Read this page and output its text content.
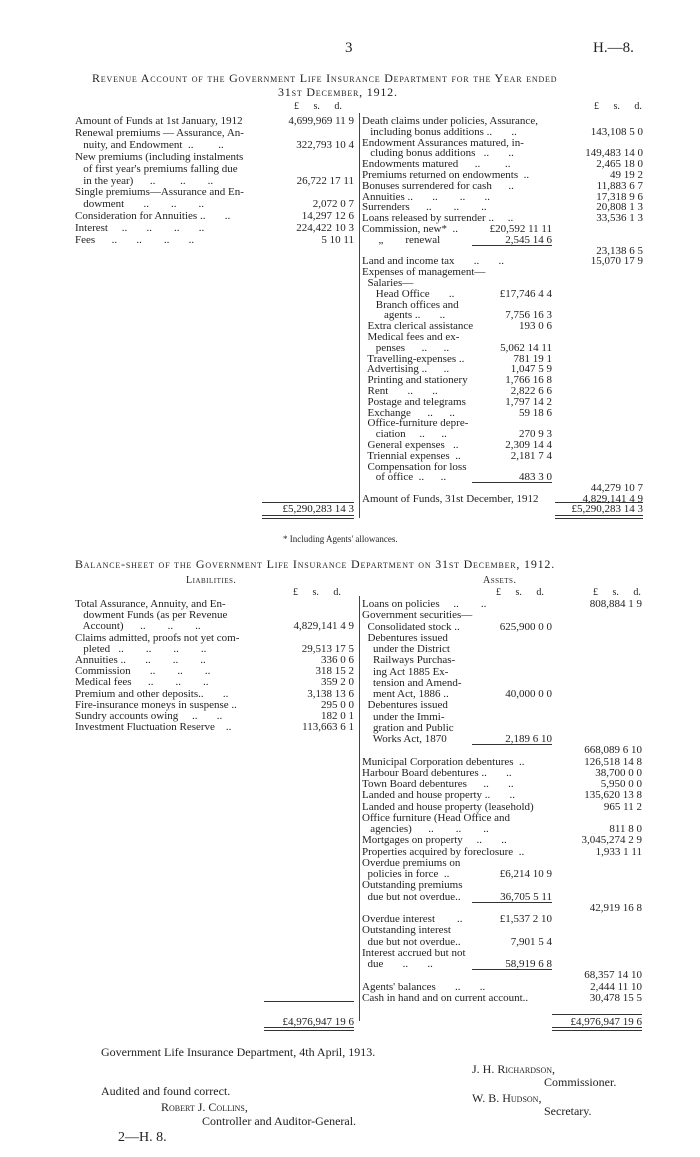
3	H.—8.
Revenue Account of the Government Life Insurance Department for the Year ended
31st December, 1912.
£ s. d.	£ s. d.
Amount of Funds at 1st January, 1912	4,699,969 11 9
Renewal premiums — Assurance, An-
nuity, and Endowment  ..         ..	322,793 10 4
New premiums (including instalments
of first year's premiums falling due
in the year)      ..         ..        ..	26,722 17 11
Single premiums—Assurance and En-
dowment       ..        ..        ..	2,072 0 7
Consideration for Annuities ..       ..	14,297 12 6
Interest     ..       ..        ..       ..	224,422 10 3
Fees      ..       ..        ..       ..	5 10 11
Death claims under policies, Assurance,
including bonus additions ..       ..	143,108 5 0
Endowment Assurances matured, in-
cluding bonus additions   ..       ..	149,483 14 0
Endowments matured      ..         ..	2,465 18 0
Premiums returned on endowments  ..	49 19 2
Bonuses surrendered for cash      ..	11,883 6 7
Annuities ..       ..        ..       ..	17,318 9 6
Surrenders      ..        ..        ..	20,808 1 3
Loans released by surrender ..     ..	33,536 1 3
Commission, new*  ..	£20,592 11 11
„        renewal	2,545 14 6
23,138 6 5
Land and income tax       ..       ..	15,070 17 9
Expenses of management—
Salaries—
Head Office       ..	£17,746 4 4
Branch offices and
agents ..       ..	7,756 16 3
Extra clerical assistance	193 0 6
Medical fees and ex-
penses      ..      ..	5,062 14 11
Travelling-expenses ..	781 19 1
Advertising ..      ..	1,047 5 9
Printing and stationery	1,766 16 8
Rent       ..       ..	2,822 6 6
Postage and telegrams	1,797 14 2
Exchange      ..      ..	59 18 6
Office-furniture depre-
ciation     ..      ..	270 9 3
General expenses   ..	2,309 14 4
Triennial expenses  ..	2,181 7 4
Compensation for loss
of office  ..      ..	483 3 0
44,279 10 7
Amount of Funds, 31st December, 1912	4,829,141 4 9
£5,290,283 14 3	£5,290,283 14 3
* Including Agents' allowances.
Balance-sheet of the Government Life Insurance Department on 31st December, 1912.
Liabilities.	Assets.
£ s. d.	£ s. d.	£ s. d.
Total Assurance, Annuity, and En-
dowment Funds (as per Revenue
Account)      ..        ..        ..	4,829,141 4 9
Claims admitted, proofs not yet com-
pleted   ..        ..        ..        ..	29,513 17 5
Annuities ..       ..        ..        ..	336 0 6
Commission       ..        ..        ..	318 15 2
Medical fees      ..        ..        ..	359 2 0
Premium and other deposits..       ..	3,138 13 6
Fire-insurance moneys in suspense ..	295 0 0
Sundry accounts owing     ..       ..	182 0 1
Investment Fluctuation Reserve    ..	113,663 6 1
Loans on policies     ..        ..	808,884 1 9
Government securities—
Consolidated stock ..	625,900 0 0
Debentures issued
under the District
Railways Purchas-
ing Act 1885 Ex-
tension and Amend-
ment Act, 1886 ..	40,000 0 0
Debentures issued
under the Immi-
gration and Public
Works Act, 1870	2,189 6 10
668,089 6 10
Municipal Corporation debentures  ..	126,518 14 8
Harbour Board debentures ..       ..	38,700 0 0
Town Board debentures      ..       ..	5,950 0 0
Landed and house property ..       ..	135,620 13 8
Landed and house property (leasehold)	965 11 2
Office furniture (Head Office and
agencies)      ..        ..        ..	811 8 0
Mortgages on property     ..       ..	3,045,274 2 9
Properties acquired by foreclosure  ..	1,933 1 11
Overdue premiums on
policies in force  ..	£6,214 10 9
Outstanding premiums
due but not overdue..	36,705 5 11
42,919 16 8
Overdue interest        ..	£1,537 2 10
Outstanding interest
due but not overdue..	7,901 5 4
Interest accrued but not
due       ..       ..	58,919 6 8
68,357 14 10
Agents' balances       ..       ..	2,444 11 10
Cash in hand and on current account..	30,478 15 5
£4,976,947 19 6	£4,976,947 19 6
Government Life Insurance Department, 4th April, 1913.
J. H. Richardson,
Commissioner.
W. B. Hudson,
Secretary.
Audited and found correct.
Robert J. Collins,
Controller and Auditor-General.
2—H. 8.
